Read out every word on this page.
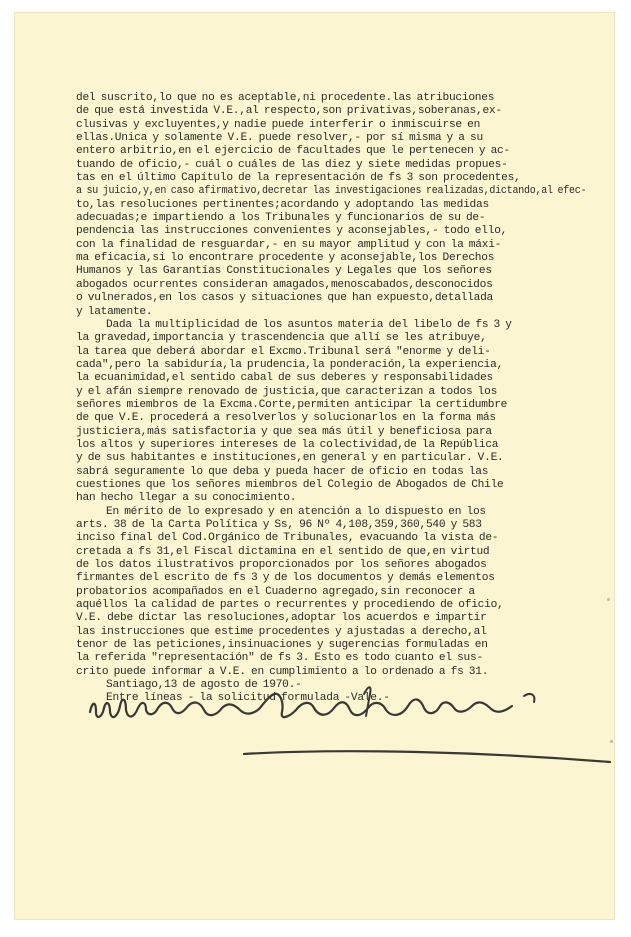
del suscrito,lo que no es aceptable,ni procedente.las atribuciones
de que está investida V.E.,al respecto,son privativas,soberanas,ex-
clusivas y excluyentes,y nadie puede interferir o inmiscuirse en
ellas.Única y solamente V.E. puede resolver,- por sí misma y a su
entero arbitrio,en el ejercicio de facultades que le pertenecen y ac-
tuando de oficio,- cuál o cuáles de las diez y siete medidas propues-
tas en el último Capítulo de la representación de fs 3 son procedentes,
a su juicio,y,en caso afirmativo,decretar las investigaciones realizadas,dictando,al efec-
to,las resoluciones pertinentes;acordando y adoptando las medidas
adecuadas;e impartiendo a los Tribunales y funcionarios de su de-
pendencia las instrucciones convenientes y aconsejables,- todo ello,
con la finalidad de resguardar,- en su mayor amplitud y con la máxi-
ma eficacia,si lo encontrare procedente y aconsejable,los Derechos
Humanos y las Garantías Constitucionales y Legales que los señores
abogados ocurrentes consideran amagados,menoscabados,desconocidos
o vulnerados,en los casos y situaciones que han expuesto,detallada
y latamente.
Dada la multiplicidad de los asuntos materia del libelo de fs 3 y
la gravedad,importancia y trascendencia que allí se les atribuye,
la tarea que deberá abordar el Excmo.Tribunal será "enorme y deli-
cada",pero la sabiduría,la prudencia,la ponderación,la experiencia,
la ecuanimidad,el sentido cabal de sus deberes y responsabilidades
y el afán siempre renovado de justicia,que caracterizan a todos los
señores miembros de la Excma.Corte,permiten anticipar la certidumbre
de que V.E. procederá a resolverlos y solucionarlos en la forma más
justiciera,más satisfactoria y que sea más útil y beneficiosa para
los altos y superiores intereses de la colectividad,de la República
y de sus habitantes e instituciones,en general y en particular. V.E.
sabrá seguramente lo que deba y pueda hacer de oficio en todas las
cuestiones que los señores miembros del Colegio de Abogados de Chile
han hecho llegar a su conocimiento.
En mérito de lo expresado y en atención a lo dispuesto en los
arts. 38 de la Carta Política y Ss, 96 Nº 4,108,359,360,540 y 583
inciso final del Cod.Orgánico de Tribunales, evacuando la vista de-
cretada a fs 31,el Fiscal dictamina en el sentido de que,en virtud
de los datos ilustrativos proporcionados por los señores abogados
firmantes del escrito de fs 3 y de los documentos y demás elementos
probatorios acompañados en el Cuaderno agregado,sin reconocer a
aquéllos la calidad de partes o recurrentes y procediendo de oficio,
V.E. debe dictar las resoluciones,adoptar los acuerdos e impartir
las instrucciones que estime procedentes y ajustadas a derecho,al
tenor de las peticiones,insinuaciones y sugerencias formuladas en
la referida "representación" de fs 3. Esto es todo cuanto el sus-
crito puede informar a V.E. en cumplimiento a lo ordenado a fs 31.
Santiago,13 de agosto de 1970.-
Entre líneas - la solicitud formulada -Vale.-
